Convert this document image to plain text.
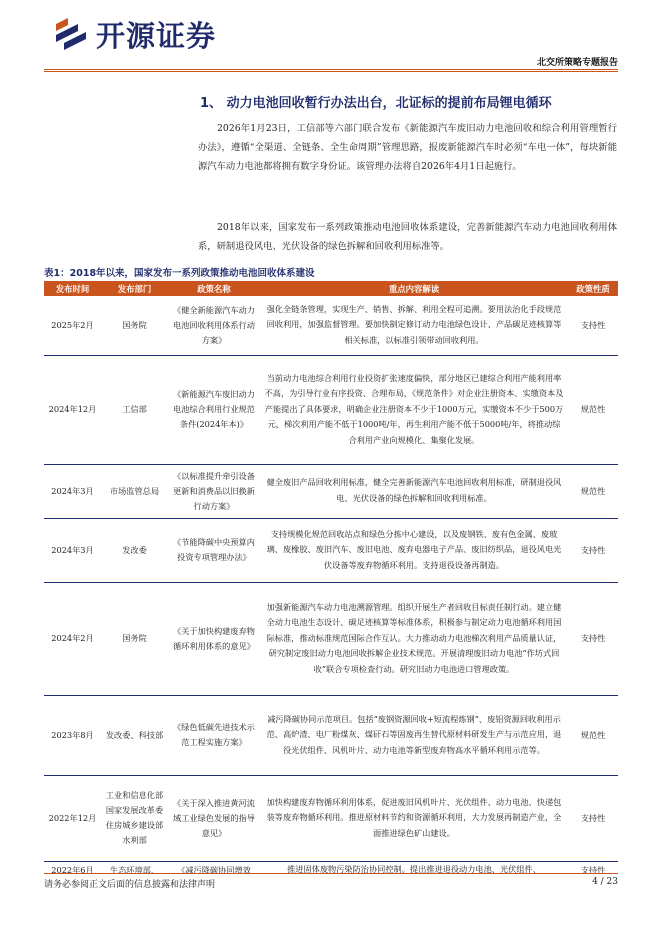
开源证券
北交所策略专题报告
1、 动力电池回收暂行办法出台，北证标的提前布局锂电循环
2026年1月23日，工信部等六部门联合发布《新能源汽车废旧动力电池回收和综合利用管理暂行办法》，遵循“全渠道、全链条、全生命周期”管理思路，报废新能源汽车时必须“车电一体”，每块新能源汽车动力电池都将拥有数字身份证。该管理办法将自2026年4月1日起施行。
2018年以来，国家发布一系列政策推动电池回收体系建设，完善新能源汽车动力电池回收利用体系，研制退役风电、光伏设备的绿色拆解和回收利用标准等。
表1：2018年以来，国家发布一系列政策推动电池回收体系建设
发布时间	发布部门	政策名称	重点内容解读	政策性质
2025年2月	国务院	《健全新能源汽车动力电池回收利用体系行动方案》	强化全链条管理，实现生产、销售、拆解、利用全程可追溯。要用法治化手段规范回收利用，加强监督管理。要加快制定修订动力电池绿色设计、产品碳足迹核算等相关标准，以标准引领带动回收利用。	支持性
2024年12月	工信部	《新能源汽车废旧动力电池综合利用行业规范条件(2024年本)》	当前动力电池综合利用行业投资扩张速度偏快，部分地区已建综合利用产能利用率不高，为引导行业有序投资、合理布局，《规范条件》对企业注册资本、实缴资本及产能提出了具体要求，明确企业注册资本不少于1000万元，实缴资本不少于500万元，梯次利用产能不低于1000吨/年，再生利用产能不低于5000吨/年，将推动综合利用产业向规模化、集聚化发展。	规范性
2024年3月	市场监管总局	《以标准提升牵引设备更新和消费品以旧换新行动方案》	健全废旧产品回收利用标准，健全完善新能源汽车电池回收利用标准，研制退役风电、光伏设备的绿色拆解和回收利用标准。	规范性
2024年3月	发改委	《节能降碳中央预算内投资专项管理办法》	支持规模化规范回收站点和绿色分拣中心建设，以及废钢铁、废有色金属、废玻璃、废橡胶、废旧汽车、废旧电池、废弃电器电子产品、废旧纺织品，退役风电光伏设备等废弃物循环利用。支持退役设备再制造。	支持性
2024年2月	国务院	《关于加快构建废弃物循环利用体系的意见》	加强新能源汽车动力电池溯源管理。组织开展生产者回收目标责任制行动。建立健全动力电池生态设计、碳足迹核算等标准体系，积极参与制定动力电池循环利用国际标准，推动标准规范国际合作互认。大力推动动力电池梯次利用产品质量认证，研究制定废旧动力电池回收拆解企业技术规范。开展清理废旧动力电池“作坊式回收”联合专项检查行动。研究旧动力电池进口管理政策。	支持性
2023年8月	发改委、科技部	《绿色低碳先进技术示范工程实施方案》	减污降碳协同示范项目。包括“废钢资源回收+短流程炼钢”、废铝资源回收利用示范、高炉渣、电厂粉煤灰、煤矸石等固废再生替代原材料研发生产与示范应用，退役光伏组件、风机叶片、动力电池等新型废弃物高水平循环利用示范等。	规范性
2022年12月	工业和信息化部国家发展改革委住房城乡建设部水利部	《关于深入推进黄河流域工业绿色发展的指导意见》	加快构建废弃物循环利用体系，促进废旧风机叶片、光伏组件、动力电池、快递包装等废弃物循环利用。推进原材料节约和资源循环利用，大力发展再制造产业，全面推进绿色矿山建设。	支持性
2022年6月	生态环境部、	《减污降碳协同增效	推进固体废物污染防治协同控制。提出推进退役动力电池、光伏组件、	支持性
请务必参阅正文后面的信息披露和法律声明	4 / 23
